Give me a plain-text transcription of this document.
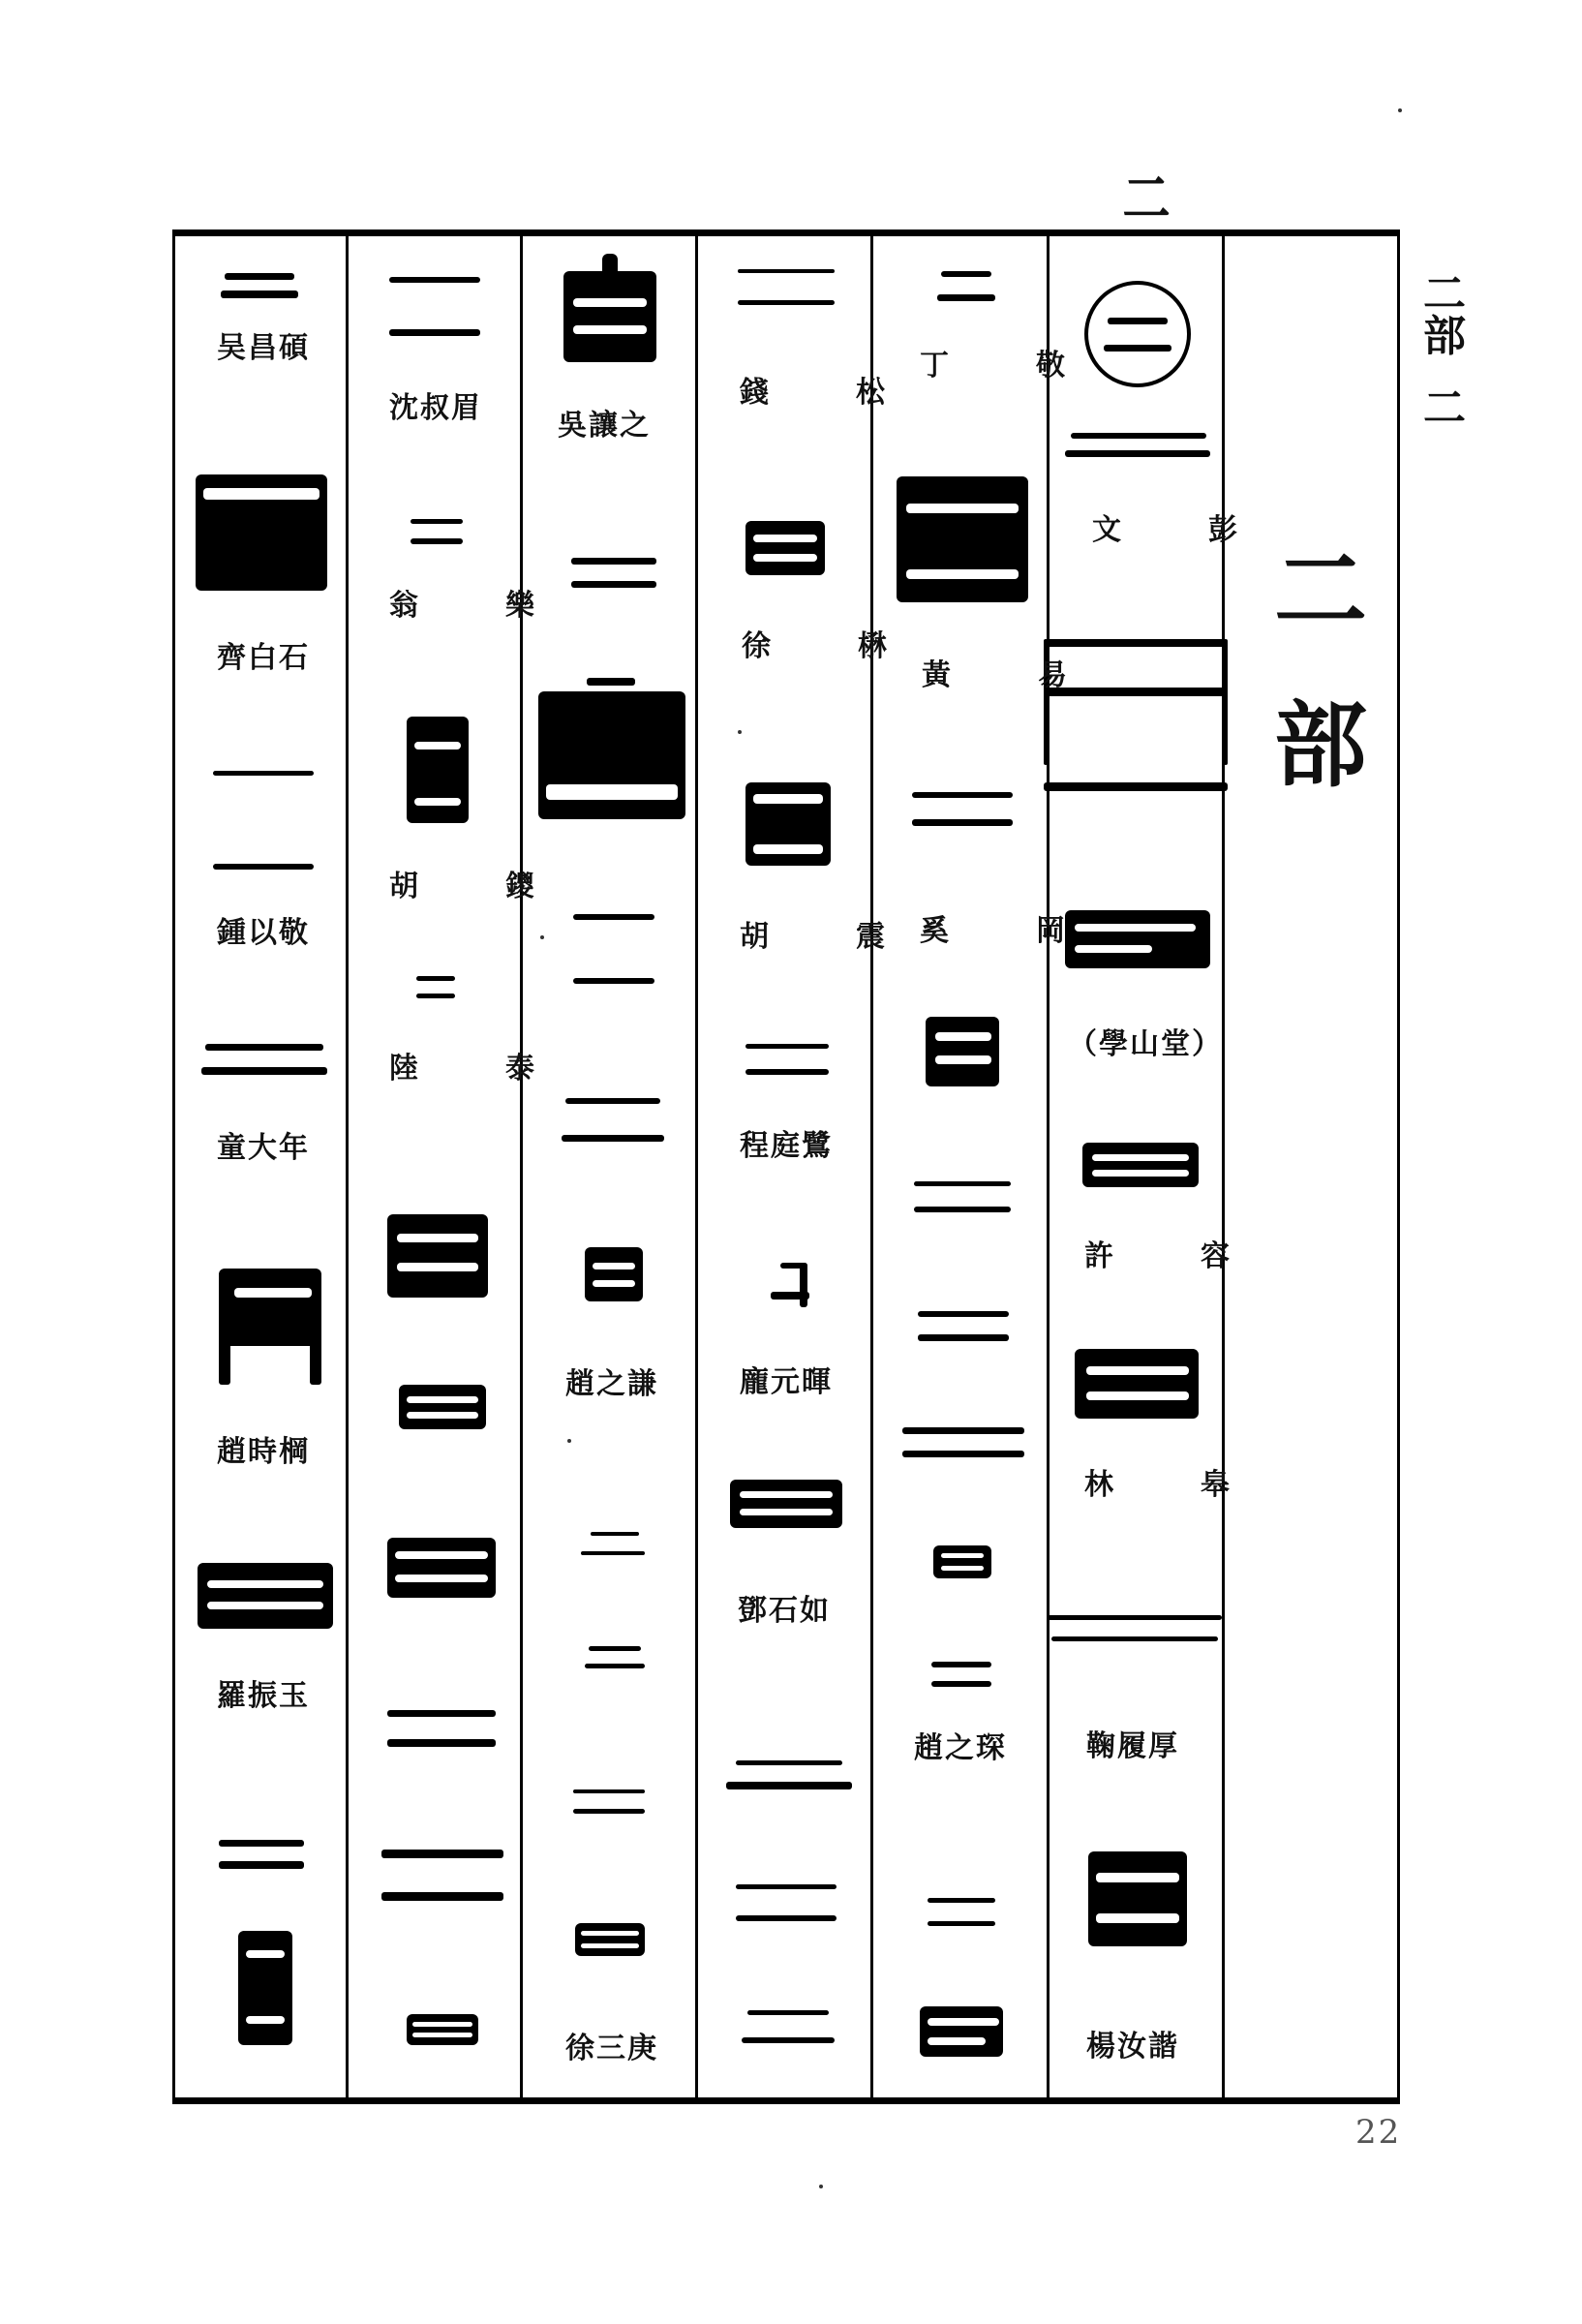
二
二
部
二
22
二
部
文　彭
（學山堂）
許　容
林　皋
鞠履厚
楊汝諧
丁　敬
黃　易
奚　岡
趙之琛
錢　松
徐　楙
胡　震
程庭鷺
龐元暉
鄧石如
吳讓之
趙之謙
徐三庚
沈叔眉
翁　樂
胡　鑁
陸　泰
吴昌碩
齊白石
鍾以敬
童大年
趙時棡
羅振玉
